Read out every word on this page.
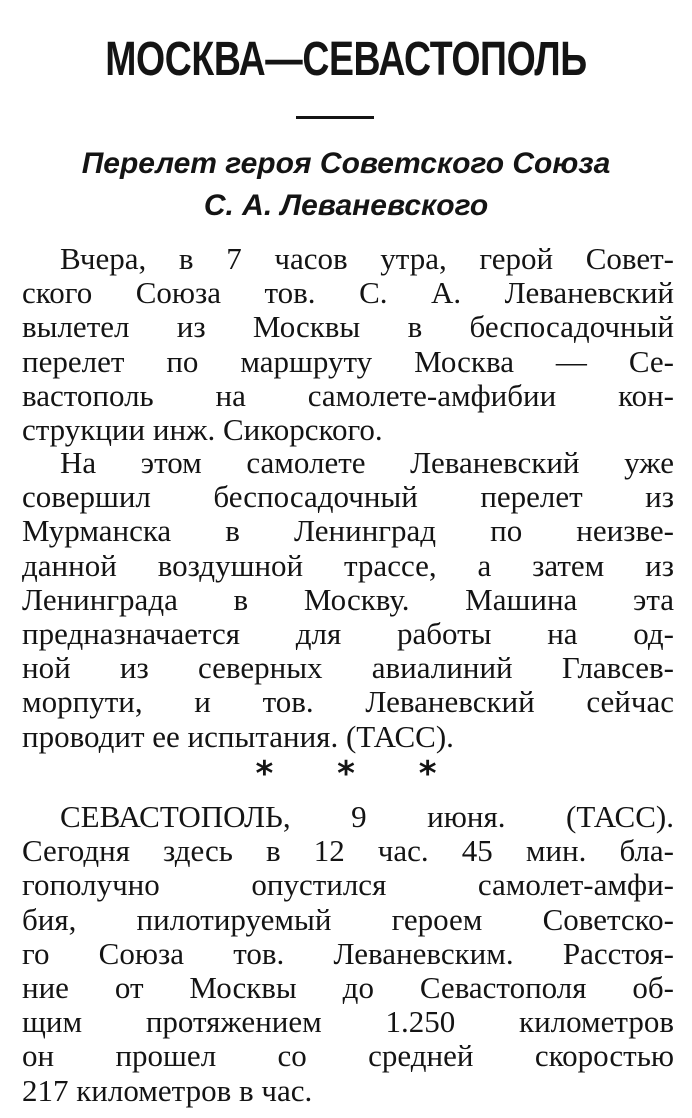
МОСКВА—СЕВАСТОПОЛЬ
Перелет героя Советского Союза
С. А. Леваневского
Вчера, в 7 часов утра, герой Совет-
ского Союза тов. С. А. Леваневский
вылетел из Москвы в беспосадочный
перелет по маршруту Москва — Се-
вастополь на самолете-амфибии кон-
струкции инж. Сикорского.
На этом самолете Леваневский уже
совершил беспосадочный перелет из
Мурманска в Ленинград по неизве-
данной воздушной трассе, а затем из
Ленинграда в Москву. Машина эта
предназначается для работы на од-
ной из северных авиалиний Главсев-
морпути, и тов. Леваневский сейчас
проводит ее испытания. (ТАСС).
* * *
СЕВАСТОПОЛЬ, 9 июня. (ТАСС).
Сегодня здесь в 12 час. 45 мин. бла-
гополучно опустился самолет-амфи-
бия, пилотируемый героем Советско-
го Союза тов. Леваневским. Расстоя-
ние от Москвы до Севастополя об-
щим протяжением 1.250 километров
он прошел со средней скоростью
217 километров в час.
